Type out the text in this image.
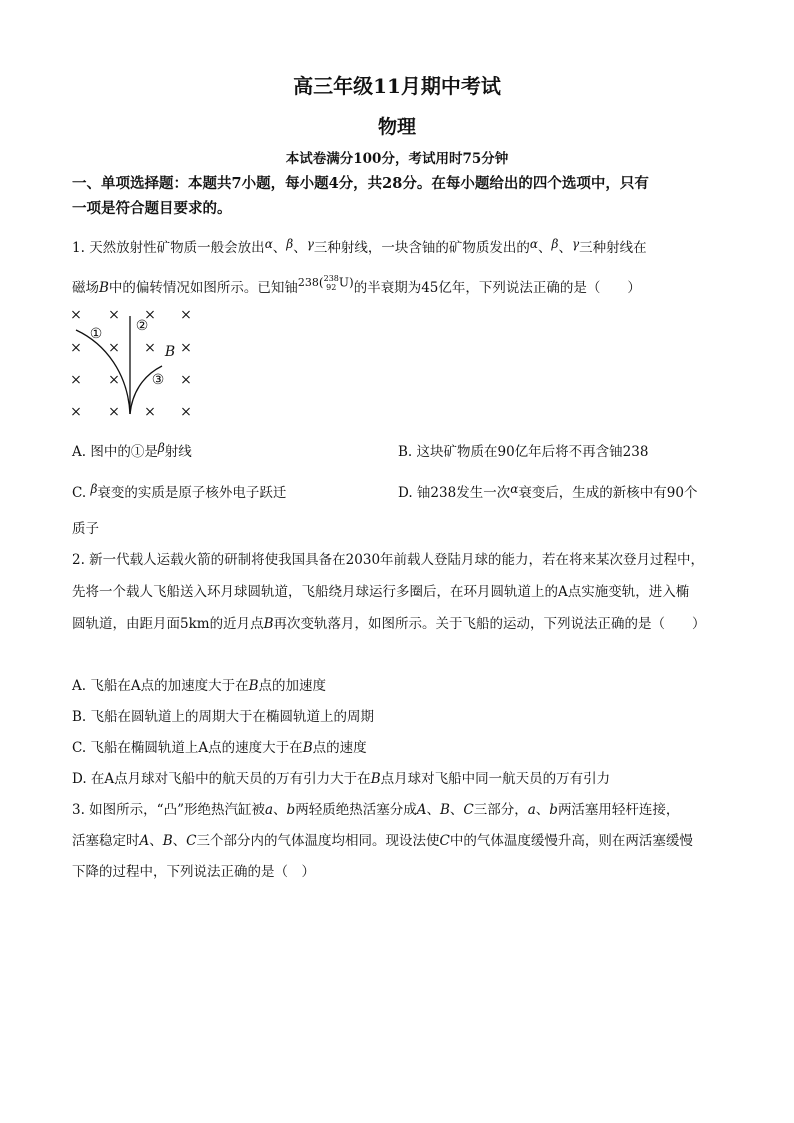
高三年级11月期中考试
物理
本试卷满分100分，考试用时75分钟
一、单项选择题：本题共7小题，每小题4分，共28分。在每小题给出的四个选项中，只有
一项是符合题目要求的。
1. 天然放射性矿物质一般会放出α、β、γ三种射线，一块含铀的矿物质发出的α、β、γ三种射线在
磁场B中的偏转情况如图所示。已知铀$^{238}$( 238
92 U)的半衰期为45亿年，下列说法正确的是（　　）
× × × ×
× × × ×
× ×	×
× × × ×
① ②
③
B
A. 图中的①是β射线	B. 这块矿物质在90亿年后将不再含铀238
C. β衰变的实质是原子核外电子跃迁	D. 铀238发生一次α衰变后，生成的新核中有90个
质子
2. 新一代载人运载火箭的研制将使我国具备在2030年前载人登陆月球的能力，若在将来某次登月过程中，
先将一个载人飞船送入环月球圆轨道，飞船绕月球运行多圈后，在环月圆轨道上的A点实施变轨，进入椭
圆轨道，由距月面5km的近月点B再次变轨落月，如图所示。关于飞船的运动，下列说法正确的是（　　）
A. 飞船在A点的加速度大于在B点的加速度
B. 飞船在圆轨道上的周期大于在椭圆轨道上的周期
C. 飞船在椭圆轨道上A点的速度大于在B点的速度
D. 在A点月球对飞船中的航天员的万有引力大于在B点月球对飞船中同一航天员的万有引力
3. 如图所示，“凸”形绝热汽缸被a、b两轻质绝热活塞分成A、B、C三部分，a、b两活塞用轻杆连接，
活塞稳定时A、B、C三个部分内的气体温度均相同。现设法使C中的气体温度缓慢升高，则在两活塞缓慢
下降的过程中，下列说法正确的是（　）
